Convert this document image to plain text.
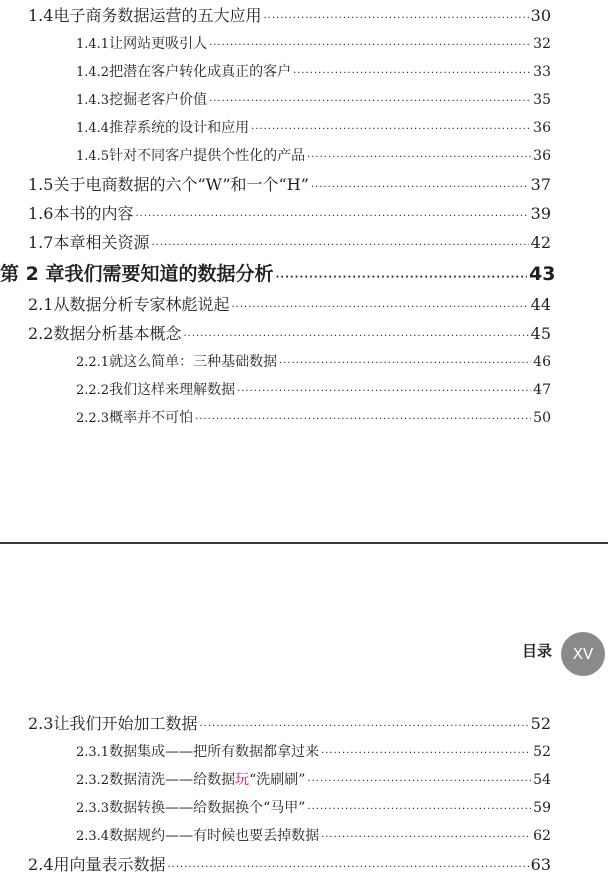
1.4 电子商务数据运营的五大应用 ·····	30
1.4.1 让网站更吸引人 ·····	32
1.4.2 把潜在客户转化成真正的客户 ·····	33
1.4.3 挖掘老客户价值 ·····	35
1.4.4 推荐系统的设计和应用 ·····	36
1.4.5 针对不同客户提供个性化的产品 ·····	36
1.5 关于电商数据的六个“W”和一个“H” ·····	37
1.6 本书的内容 ·····	39
1.7 本章相关资源 ·····	42
第 2 章 我们需要知道的数据分析 ·····	43
2.1 从数据分析专家林彪说起 ·····	44
2.2 数据分析基本概念 ·····	45
2.2.1 就这么简单：三种基础数据 ·····	46
2.2.2 我们这样来理解数据 ·····	47
2.2.3 概率并不可怕 ·····	50
目录	XV
2.3 让我们开始加工数据 ·····	52
2.3.1 数据集成——把所有数据都拿过来 ·····	52
2.3.2 数据清洗——给数据玩“洗刷刷” ·····	54
2.3.3 数据转换——给数据换个“马甲” ·····	59
2.3.4 数据规约——有时候也要丢掉数据 ·····	62
2.4 用向量表示数据 ·····	63
